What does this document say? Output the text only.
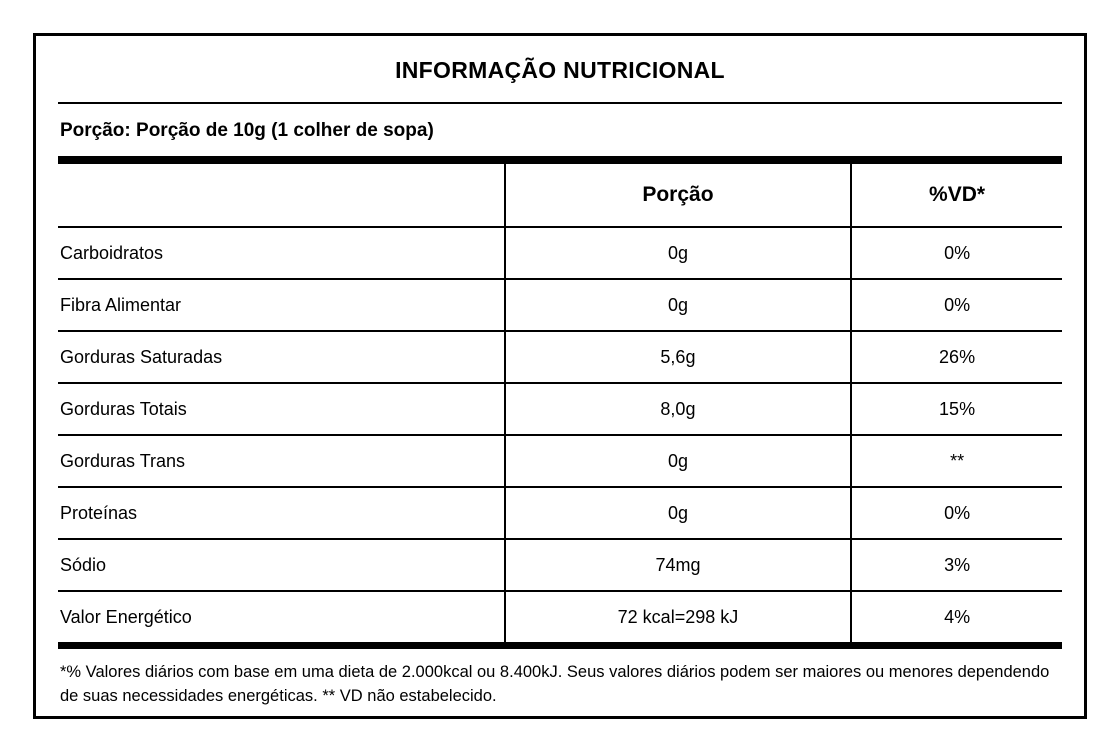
INFORMAÇÃO NUTRICIONAL
Porção: Porção de 10g (1 colher de sopa)
	Porção	%VD*
Carboidratos	0g	0%
Fibra Alimentar	0g	0%
Gorduras Saturadas	5,6g	26%
Gorduras Totais	8,0g	15%
Gorduras Trans	0g	**
Proteínas	0g	0%
Sódio	74mg	3%
Valor Energético	72 kcal=298 kJ	4%
*% Valores diários com base em uma dieta de 2.000kcal ou 8.400kJ. Seus valores diários podem ser maiores ou menores dependendo de suas necessidades energéticas. ** VD não estabelecido.
